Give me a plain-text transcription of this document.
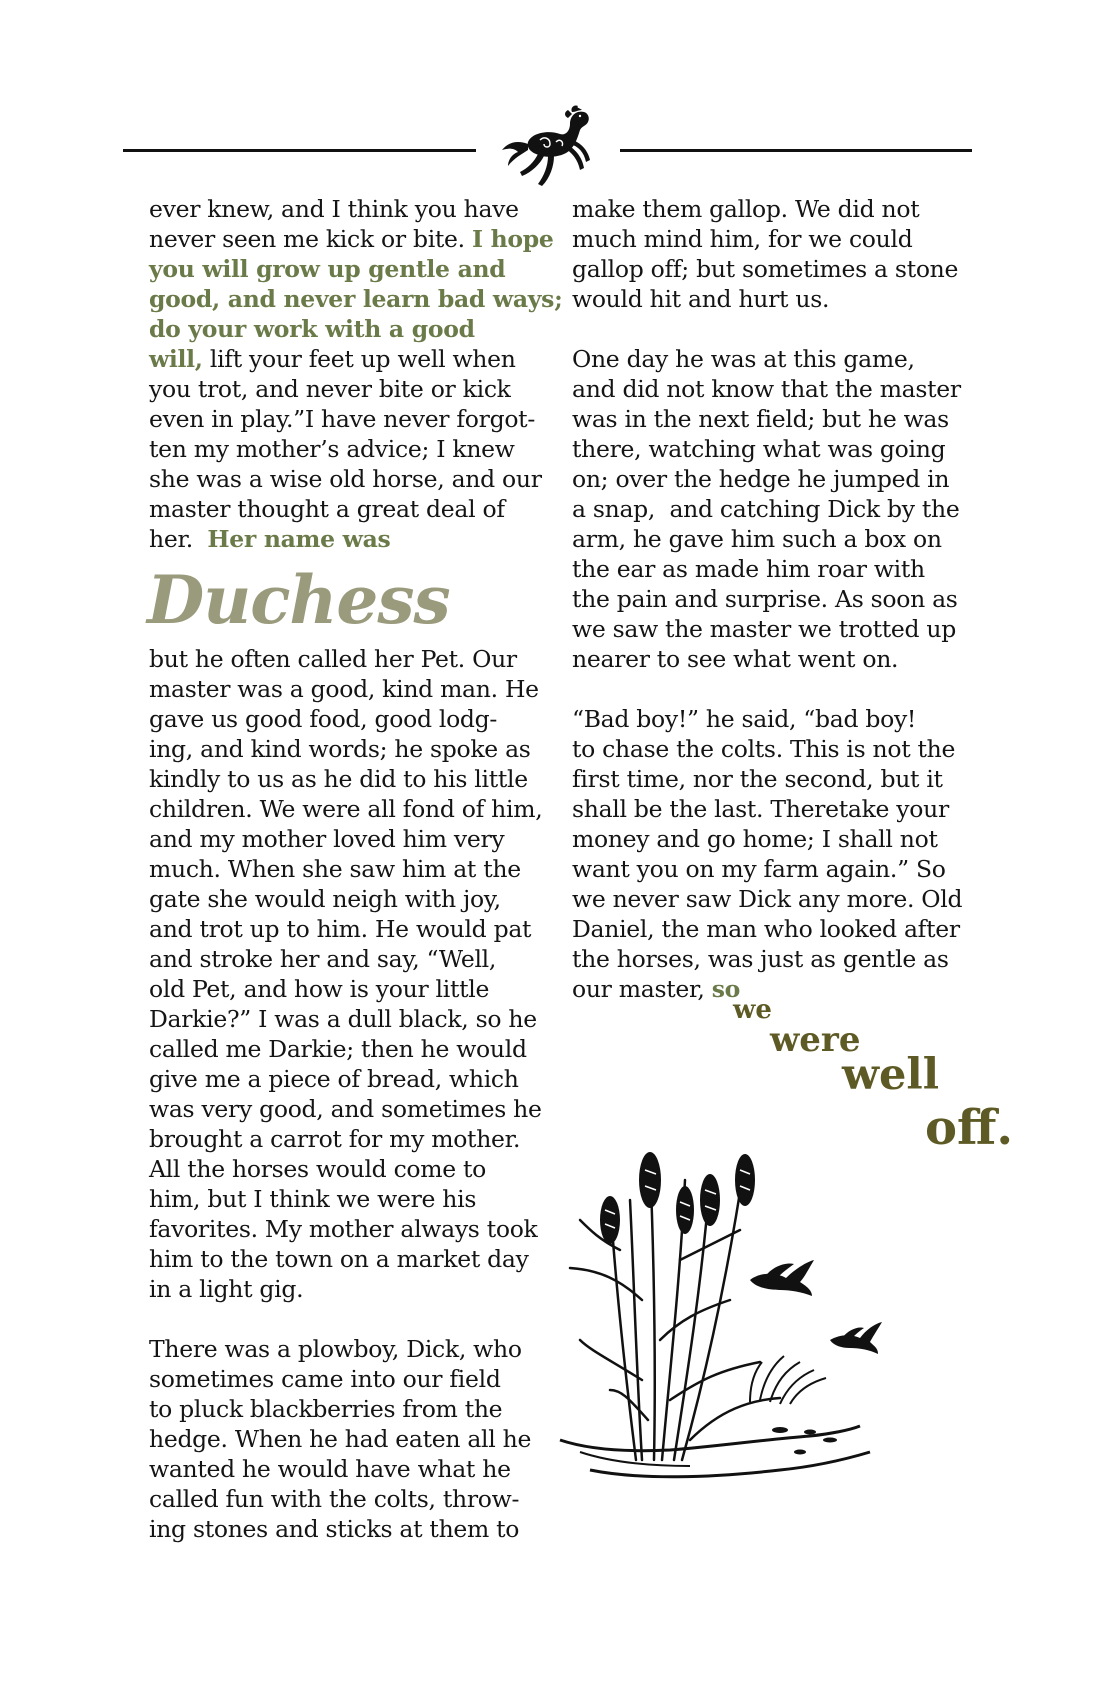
ever knew, and I think you have

never seen me kick or bite. I hope

you will grow up gentle and

good, and never learn bad ways;

do your work with a good

will, lift your feet up well when

you trot, and never bite or kick

even in play.”I have never forgot-

ten my mother’s advice; I knew

she was a wise old horse, and our

master thought a great deal of

her.  Her name was

Duchess

but he often called her Pet. Our

master was a good, kind man. He

gave us good food, good lodg-

ing, and kind words; he spoke as

kindly to us as he did to his little

children. We were all fond of him,

and my mother loved him very

much. When she saw him at the

gate she would neigh with joy,

and trot up to him. He would pat

and stroke her and say, “Well,

old Pet, and how is your little

Darkie?” I was a dull black, so he

called me Darkie; then he would

give me a piece of bread, which

was very good, and sometimes he

brought a carrot for my mother.

All the horses would come to

him, but I think we were his

favorites. My mother always took

him to the town on a market day

in a light gig.

There was a plowboy, Dick, who

sometimes came into our field

to pluck blackberries from the

hedge. When he had eaten all he

wanted he would have what he

called fun with the colts, throw-

ing stones and sticks at them to

make them gallop. We did not

much mind him, for we could

gallop off; but sometimes a stone

would hit and hurt us.

One day he was at this game,

and did not know that the master

was in the next field; but he was

there, watching what was going

on; over the hedge he jumped in

a snap,  and catching Dick by the

arm, he gave him such a box on

the ear as made him roar with

the pain and surprise. As soon as

we saw the master we trotted up

nearer to see what went on.

“Bad boy!” he said, “bad boy!

to chase the colts. This is not the

first time, nor the second, but it

shall be the last. Theretake your

money and go home; I shall not

want you on my farm again.” So

we never saw Dick any more. Old

Daniel, the man who looked after

the horses, was just as gentle as

our master, so

we
were
well
off.
